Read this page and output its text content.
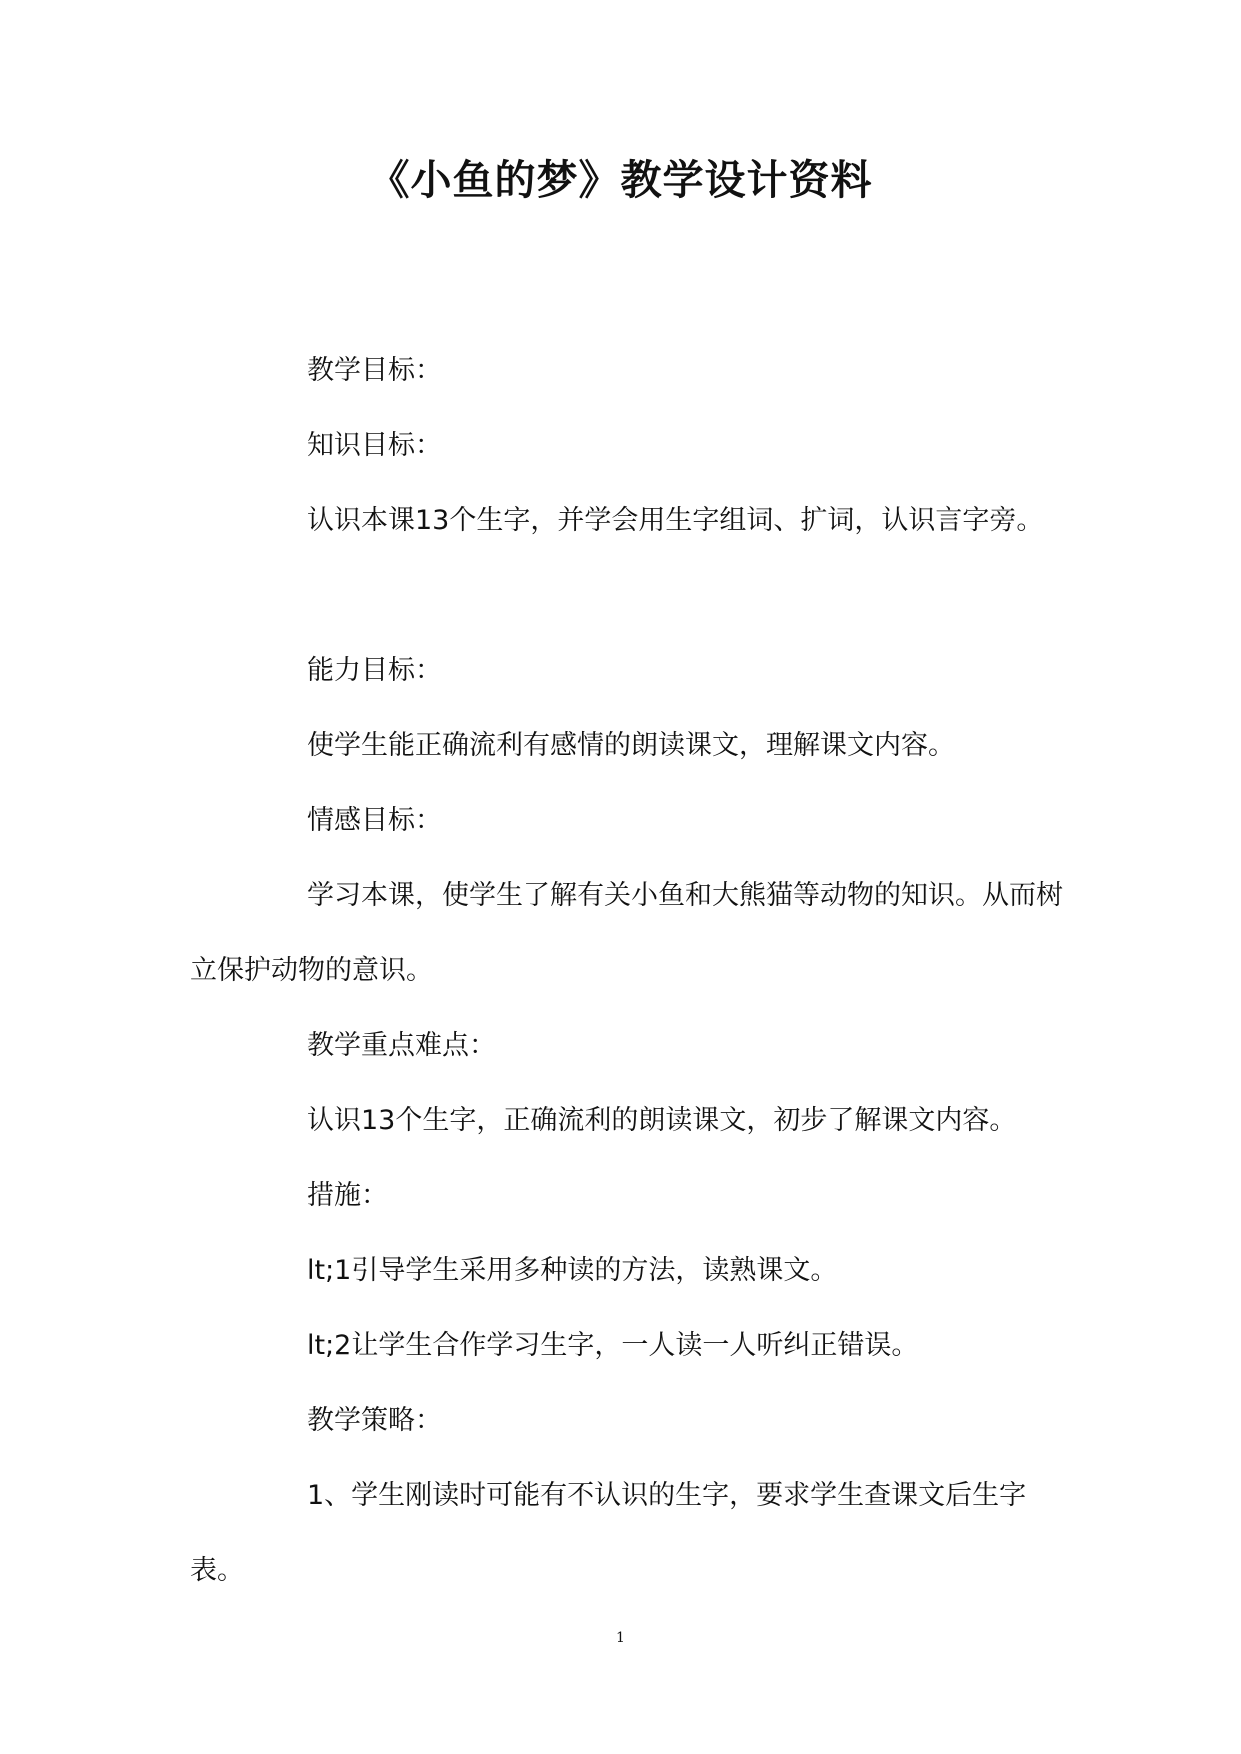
《小鱼的梦》教学设计资料
教学目标：
知识目标：
认识本课13个生字，并学会用生字组词、扩词，认识言字旁。
能力目标：
使学生能正确流利有感情的朗读课文，理解课文内容。
情感目标：
学习本课，使学生了解有关小鱼和大熊猫等动物的知识。从而树立保护动物的意识。
教学重点难点：
认识13个生字，正确流利的朗读课文，初步了解课文内容。
措施：
lt;1引导学生采用多种读的方法，读熟课文。
lt;2让学生合作学习生字，一人读一人听纠正错误。
教学策略：
1、学生刚读时可能有不认识的生字，要求学生查课文后生字表。
1
